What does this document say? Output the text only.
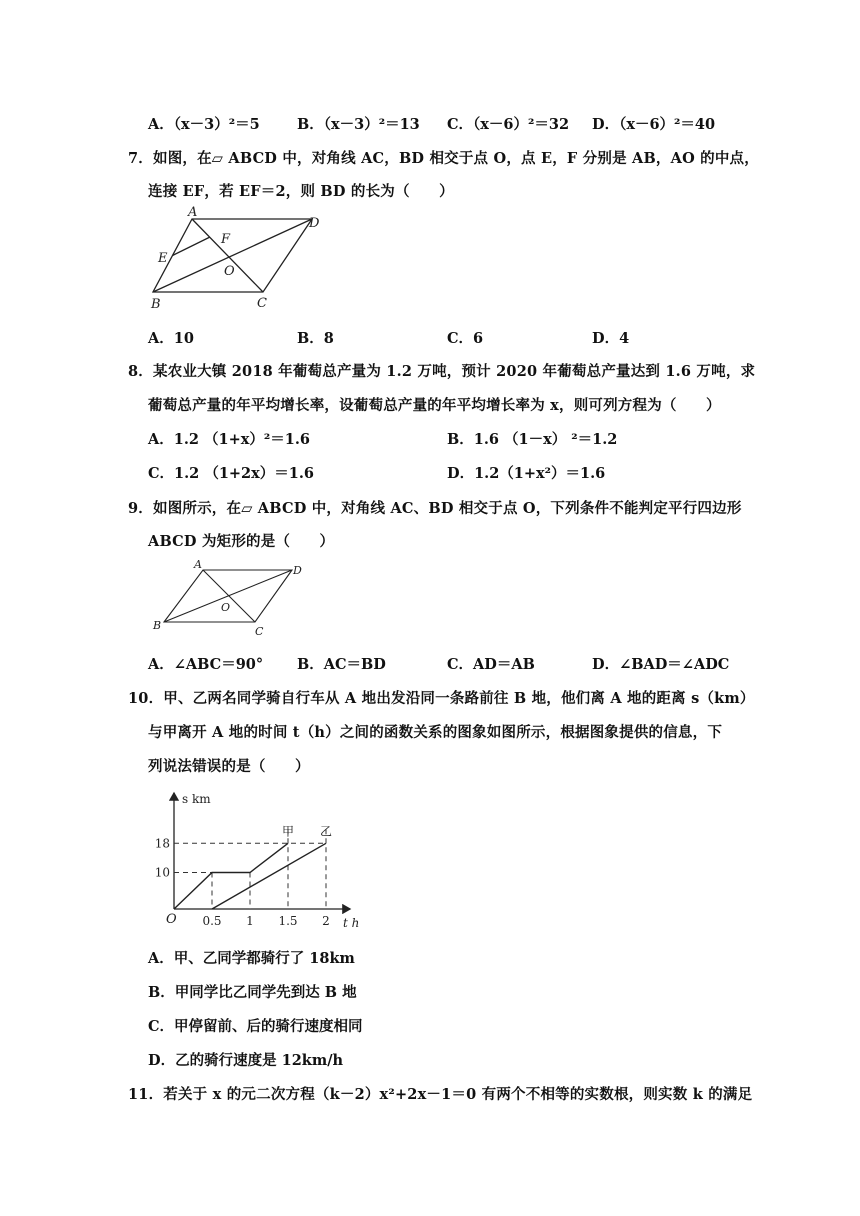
A．（x－3）²＝5	B．（x－3）²＝13 C．（x－6）²＝32 D．（x－6）²＝40
7．如图，在▱ ABCD 中，对角线 AC，BD 相交于点 O，点 E，F 分别是 AB，AO 的中点，
连接 EF，若 EF＝2，则 BD 的长为（　　）
A
D
B	C
E
F
O
A．10	B．8	C．6	D．4
8．某农业大镇 2018 年葡萄总产量为 1.2 万吨，预计 2020 年葡萄总产量达到 1.6 万吨，求
葡萄总产量的年平均增长率，设葡萄总产量的年平均增长率为 x，则可列方程为（　　）
A．1.2 （1+x）²＝1.6	B．1.6 （1－x） ²＝1.2
C．1.2 （1+2x）＝1.6	D．1.2（1+x²）＝1.6
9．如图所示，在▱ ABCD 中，对角线 AC、BD 相交于点 O，下列条件不能判定平行四边形
ABCD 为矩形的是（　　）
A	D
B	C
O
A．∠ABC＝90° B．AC＝BD	C．AD＝AB	D．∠BAD＝∠ADC
10．甲、乙两名同学骑自行车从 A 地出发沿同一条路前往 B 地，他们离 A 地的距离 s（km）
与甲离开 A 地的时间 t（h）之间的函数关系的图象如图所示，根据图象提供的信息，下
列说法错误的是（　　）
0.5 1 1.5 2
10
18
s km
t h
O
甲 乙
A．甲、乙同学都骑行了 18km
B．甲同学比乙同学先到达 B 地
C．甲停留前、后的骑行速度相同
D．乙的骑行速度是 12km/h
11．若关于 x 的元二次方程（k－2）x²+2x－1＝0 有两个不相等的实数根，则实数 k 的满足
